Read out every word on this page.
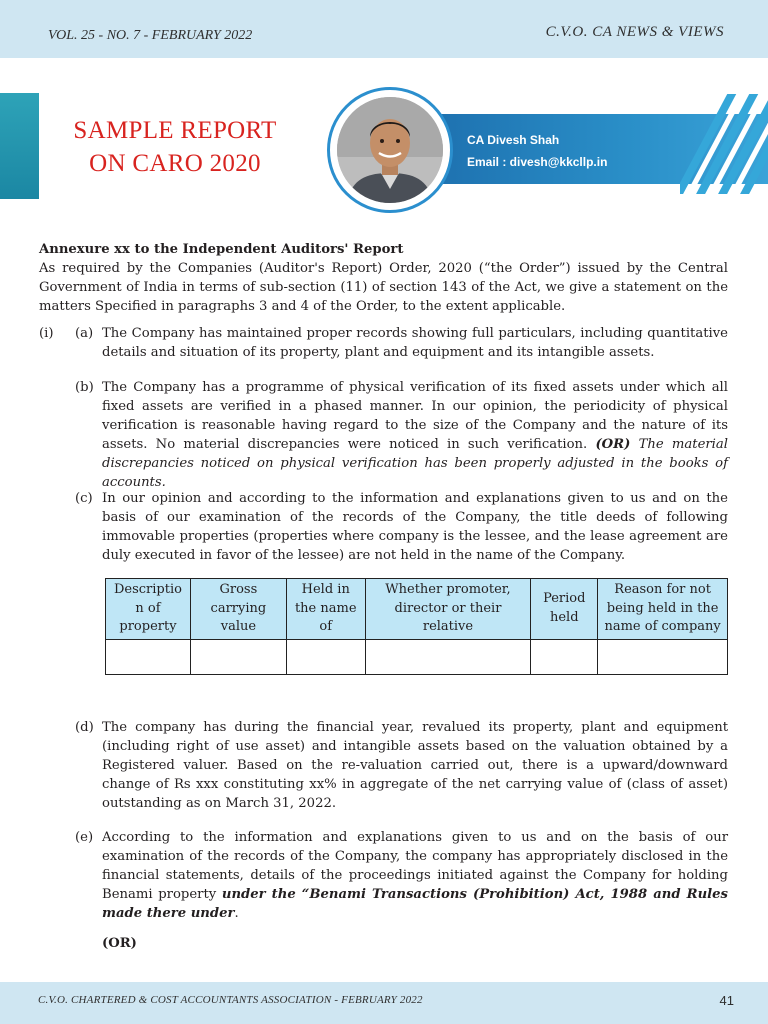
VOL. 25 - NO. 7 - FEBRUARY 2022	C.V.O. CA NEWS & VIEWS
SAMPLE REPORT
ON CARO 2020
CA Divesh Shah
Email : divesh@kkcllp.in

Annexure xx to the Independent Auditors' Report

As required by the Companies (Auditor's Report) Order, 2020 (“the Order”) issued by the Central Government of India in terms of sub-section (11) of section 143 of the Act, we give a statement on the matters Specified in paragraphs 3 and 4 of the Order, to the extent applicable.

(i) (a) The Company has maintained proper records showing full particulars, including quantitative details and situation of its property, plant and equipment and its intangible assets.

(b) The Company has a programme of physical verification of its fixed assets under which all fixed assets are verified in a phased manner. In our opinion, the periodicity of physical verification is reasonable having regard to the size of the Company and the nature of its assets. No material discrepancies were noticed in such verification. (OR) The material discrepancies noticed on physical verification has been properly adjusted in the books of accounts.

(c) In our opinion and according to the information and explanations given to us and on the basis of our examination of the records of the Company, the title deeds of following immovable properties (properties where company is the lessee, and the lease agreement are duly executed in favor of the lessee) are not held in the name of the Company.

Descriptio n of property	Gross carrying value	Held in the name of	Whether promoter, director or their relative	Period held	Reason for not being held in the name of company

(d) The company has during the financial year, revalued its property, plant and equipment (including right of use asset) and intangible assets based on the valuation obtained by a Registered valuer. Based on the re-valuation carried out, there is a upward/downward change of Rs xxx constituting xx% in aggregate of the net carrying value of (class of asset) outstanding as on March 31, 2022.

(e) According to the information and explanations given to us and on the basis of our examination of the records of the Company, the company has appropriately disclosed in the financial statements, details of the proceedings initiated against the Company for holding Benami property under the “Benami Transactions (Prohibition) Act, 1988 and Rules made there under.

(OR)

C.V.O. CHARTERED & COST ACCOUNTANTS ASSOCIATION - FEBRUARY 2022	41
